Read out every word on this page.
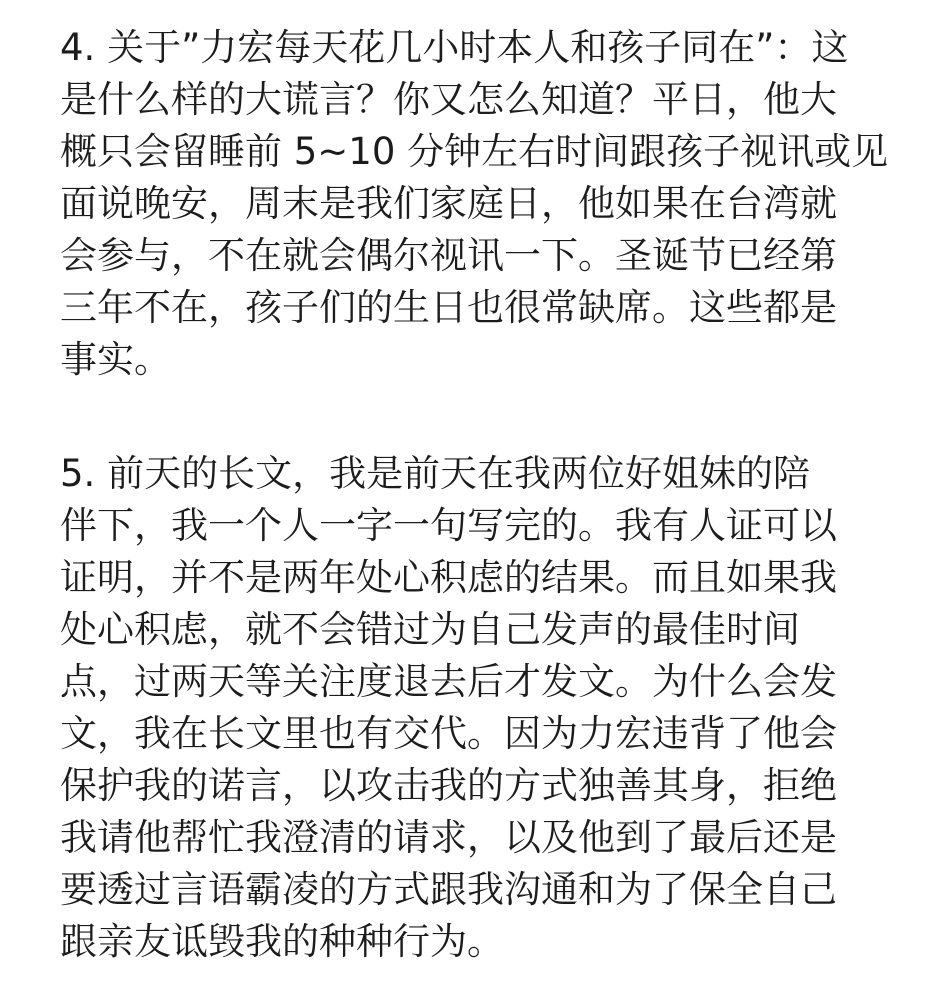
4. 关于”力宏每天花几小时本人和孩子同在”：这
是什么样的大谎言？你又怎么知道？平日，他大
概只会留睡前 5~10 分钟左右时间跟孩子视讯或见
面说晚安，周末是我们家庭日，他如果在台湾就
会参与，不在就会偶尔视讯一下。圣诞节已经第
三年不在，孩子们的生日也很常缺席。这些都是
事实。
5. 前天的长文，我是前天在我两位好姐妹的陪
伴下，我一个人一字一句写完的。我有人证可以
证明，并不是两年处心积虑的结果。而且如果我
处心积虑，就不会错过为自己发声的最佳时间
点，过两天等关注度退去后才发文。为什么会发
文，我在长文里也有交代。因为力宏违背了他会
保护我的诺言，以攻击我的方式独善其身，拒绝
我请他帮忙我澄清的请求，以及他到了最后还是
要透过言语霸凌的方式跟我沟通和为了保全自己
跟亲友诋毁我的种种行为。
